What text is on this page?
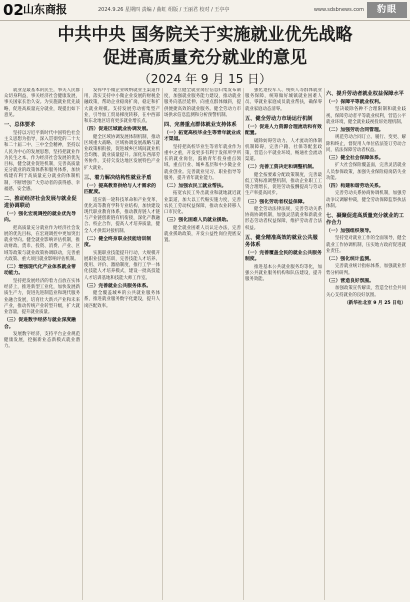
02 山东商报	2024.9.26 星期四 责编 / 曲虹 组版 / 王丽君 校对 / 王亭亭	www.sdsbnews.com	豹眼
中共中央 国务院关于实施就业优先战略
促进高质量充分就业的意见
（2024 年 9 月 15 日）

就业是最基本的民生，事关人民群众切身利益，事关经济社会健康发展，事关国家长治久安。为实施就业优先战略，促进高质量充分就业，现提出如下意见。

一、总体要求

坚持以习近平新时代中国特色社会主义思想为指导，深入贯彻党的二十大和二十届二中、三中全会精神，坚持以人民为中心的发展思想，坚持把就业作为民生之本、作为经济社会发展的优先目标，健全就业促进机制，完善高质量充分就业的政策体系和服务体系，加快构建有利于高质量充分就业的体制机制，不断增强广大劳动者的获得感、幸福感、安全感。

二、推动经济社会发展与就业促进协调联动

（一）强化宏观调控的就业优先导向。

把高质量充分就业作为经济社会发展的优先目标，在宏观调控中更加突出就业导向。健全就业影响评估机制，推动财政、货币、投资、消费、产业、区域等政策与就业政策协调联动，完善重大政策、重大项目就业影响评估机制。

（二）增强现代化产业体系就业带动能力。

坚持把发展经济的着力点放在实体经济上，推进新型工业化，加快发展新质生产力，促进先进制造业和现代服务业融合发展，培育壮大新兴产业和未来产业，推动传统产业转型升级，扩大就业容量，提升就业质量。

（三）促进数字经济与就业深度融合。

发展数字经济，支持平台企业规范健康发展，挖掘新业态新模式就业潜力。

发挥中小微企业吸纳就业主渠道作用，落实支持中小微企业发展的财税金融政策，帮助企业稳岗扩岗，稳定和扩大就业规模。支持发展劳动密集型产业，引导加工贸易梯度转移，在中西部和东北地区培育更多就业增长点。

（四）促进区域就业协调发展。

健全区域协调发展体制机制，推动区域重大战略、区域协调发展战略与就业政策相衔接，促进城乡区域间就业机会均衡、就业质量提升。深化东西部劳务协作，支持欠发达地区发展特色产业扩大就业。

三、着力解决结构性就业矛盾

（一）提高教育供给与人才需求的匹配度。

适应新一轮科技革命和产业变革，优化高等教育学科专业结构，加快建设现代职业教育体系，推动教育链人才链与产业链创新链有机衔接，深化产教融合、校企合作，提高人才培养质量，健全人才供需对接机制。

（二）健全终身职业技能培训制度。

实施职业技能提升行动，大规模开展职业技能培训，完善技能人才培养、使用、评价、激励制度，推行工学一体化技能人才培养模式，建设一批高技能人才培训基地和技能大师工作室。

（三）完善就业公共服务体系。

健全覆盖城乡的公共就业服务体系，推进就业服务数字化建设，提升人岗匹配效率。

建立健全就业岗位信息归集发布制度，加强就业服务能力建设，推动就业服务向基层延伸、向重点群体倾斜，提供便捷高效的就业服务。健全劳动力市场供求信息监测和分析预警机制。

四、完善重点群体就业支持体系

（一）拓宽高校毕业生等青年就业成才渠道。

坚持把高校毕业生等青年就业作为重中之重，开发更多有利于发挥所学所长的就业岗位，鼓励青年投身重点领域、重点行业、城乡基层和中小微企业就业创业。完善就业见习、职业指导等服务，提升青年就业能力。

（二）加强农民工就业帮扶。

拓宽农民工外出就业和就地就近就业渠道，加大以工代赈实施力度，完善农民工劳动权益保障，推动农业转移人口市民化。

（三）强化困难人员就业援助。

健全就业困难人员认定办法，完善就业援助政策，开发公益性岗位兜底安置。

强化退役军人、残疾人等群体就业服务保障，统筹做好城镇就业困难人员、零就业家庭成员就业帮扶，确保零就业家庭动态清零。

五、健全劳动力市场运行机制

（一）促进人力资源合理流动和有效配置。

破除妨碍劳动力、人才流动的体制机制障碍，完善户籍、社保等配套政策，营造公平就业环境，畅通社会流动渠道。

（二）完善工资决定和调整机制。

健全按要素分配政策制度，完善最低工资标准调整机制，推动企业职工工资合理增长，促进劳动报酬提高与劳动生产率提高同步。

（三）强化劳动者权益保障。

健全劳动法律法规，完善劳动关系协商协调机制，加强灵活就业和新就业形态劳动者权益保障，维护劳动者合法权益。

五、健全精准高效的就业公共服务体系

（一）完善覆盖全民的就业公共服务制度。

推进基本公共就业服务均等化，加强公共就业服务机构和队伍建设，提升服务效能。

六、提升劳动者就业权益保障水平

（一）保障平等就业权利。

坚决破除各种不合理限制和就业歧视，保障劳动者平等就业权利，营造公平就业环境，健全就业歧视投诉处理机制。

（二）加强劳动合同管理。

规范劳动合同订立、履行、变更、解除和终止，督促用人单位依法签订劳动合同，依法保障劳动者权益。

（三）健全社会保障体系。

扩大社会保险覆盖面，完善灵活就业人员参保政策，加强失业保险稳岗防失业功能。

（四）构建和谐劳动关系。

完善劳动关系协商协调机制，加强劳动争议调解仲裁，健全劳动保障监察执法体制。

七、凝聚促进高质量充分就业的工作合力

（一）加强组织领导。

坚持党对就业工作的全面领导，健全就业工作协调机制，压实地方政府促进就业责任。

（二）强化统计监测。

完善就业统计指标体系，加强就业形势分析研判。

（三）营造良好氛围。

加强政策宣传解读，营造全社会共同关心支持就业的良好氛围。

（新华社北京 9 月 25 日电）
